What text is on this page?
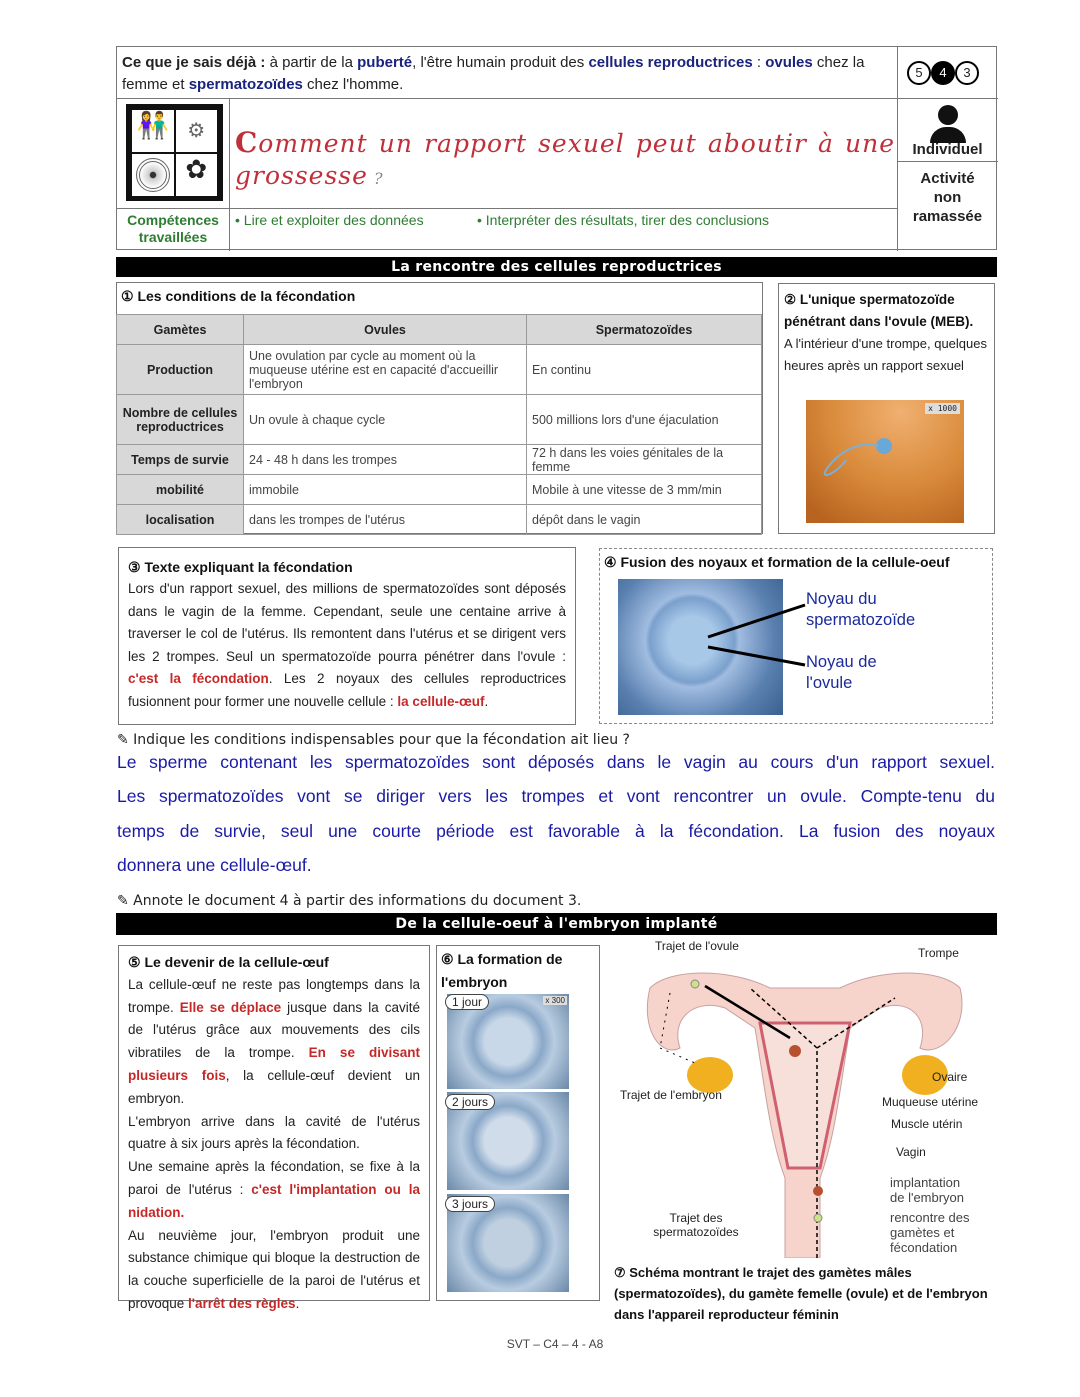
Ce que je sais déjà : à partir de la puberté, l'être humain produit des cellules reproductrices : ovules chez la femme et spermatozoïdes chez l'homme.
5	4	3
👫 ⚙
✿
Comment un rapport sexuel peut aboutir à une grossesse ?
Individuel
Activité non ramassée
Compétences travaillées
• Lire et exploiter des données	• Interpréter des résultats, tirer des conclusions
La rencontre des cellules reproductrices
① Les conditions de la fécondation
Gamètes	Ovules	Spermatozoïdes
Production	Une ovulation par cycle au moment où la muqueuse utérine est en capacité d'accueillir l'embryon	En continu
Nombre de cellules reproductrices	Un ovule à chaque cycle	500 millions lors d'une éjaculation
Temps de survie	24 - 48 h dans les trompes	72 h dans les voies génitales de la femme
mobilité	immobile	Mobile à une vitesse de 3 mm/min
localisation	dans les trompes de l'utérus	dépôt dans le vagin
② L'unique spermatozoïde pénétrant dans l'ovule (MEB).
A l'intérieur d'une trompe, quelques heures après un rapport sexuel
x 1000
③ Texte expliquant la fécondation
Lors d'un rapport sexuel, des millions de spermatozoïdes sont déposés dans le vagin de la femme. Cependant, seule une centaine arrive à traverser le col de l'utérus. Ils remontent dans l'utérus et se dirigent vers les 2 trompes. Seul un spermatozoïde pourra pénétrer dans l'ovule : c'est la fécondation. Les 2 noyaux des cellules reproductrices fusionnent pour former une nouvelle cellule : la cellule-œuf.
④ Fusion des noyaux et formation de la cellule-oeuf
Noyau du spermatozoïde
Noyau de l'ovule
✎ Indique les conditions indispensables pour que la fécondation ait lieu ?
Le sperme contenant les spermatozoïdes sont déposés dans le vagin au cours d'un rapport sexuel.
Les spermatozoïdes vont se diriger vers les trompes et vont rencontrer un ovule. Compte-tenu du
temps de survie, seul une courte période est favorable à la fécondation. La fusion des noyaux
donnera une cellule-œuf.
✎ Annote le document 4 à partir des informations du document 3.
De la cellule-oeuf à l'embryon implanté
⑤ Le devenir de la cellule-œuf
La cellule-œuf ne reste pas longtemps dans la trompe. Elle se déplace jusque dans la cavité de l'utérus grâce aux mouvements des cils vibratiles de la trompe. En se divisant plusieurs fois, la cellule-œuf devient un embryon.
L'embryon arrive dans la cavité de l'utérus quatre à six jours après la fécondation.
Une semaine après la fécondation, se fixe à la paroi de l'utérus : c'est l'implantation ou la nidation.
Au neuvième jour, l'embryon produit une substance chimique qui bloque la destruction de la couche superficielle de la paroi de l'utérus et provoque l'arrêt des règles.
⑥ La formation de l'embryon
x 300
1 jour
2 jours
3 jours
Trajet de l'ovule	Trompe
Ovaire
Trajet de l'embryon	Muqueuse utérine
Muscle utérin
Vagin
Trajet des spermatozoïdes
implantation de l'embryon
rencontre des gamètes et fécondation
⑦ Schéma montrant le trajet des gamètes mâles (spermatozoïdes), du gamète femelle (ovule) et de l'embryon dans l'appareil reproducteur féminin
SVT – C4 – 4 - A8
